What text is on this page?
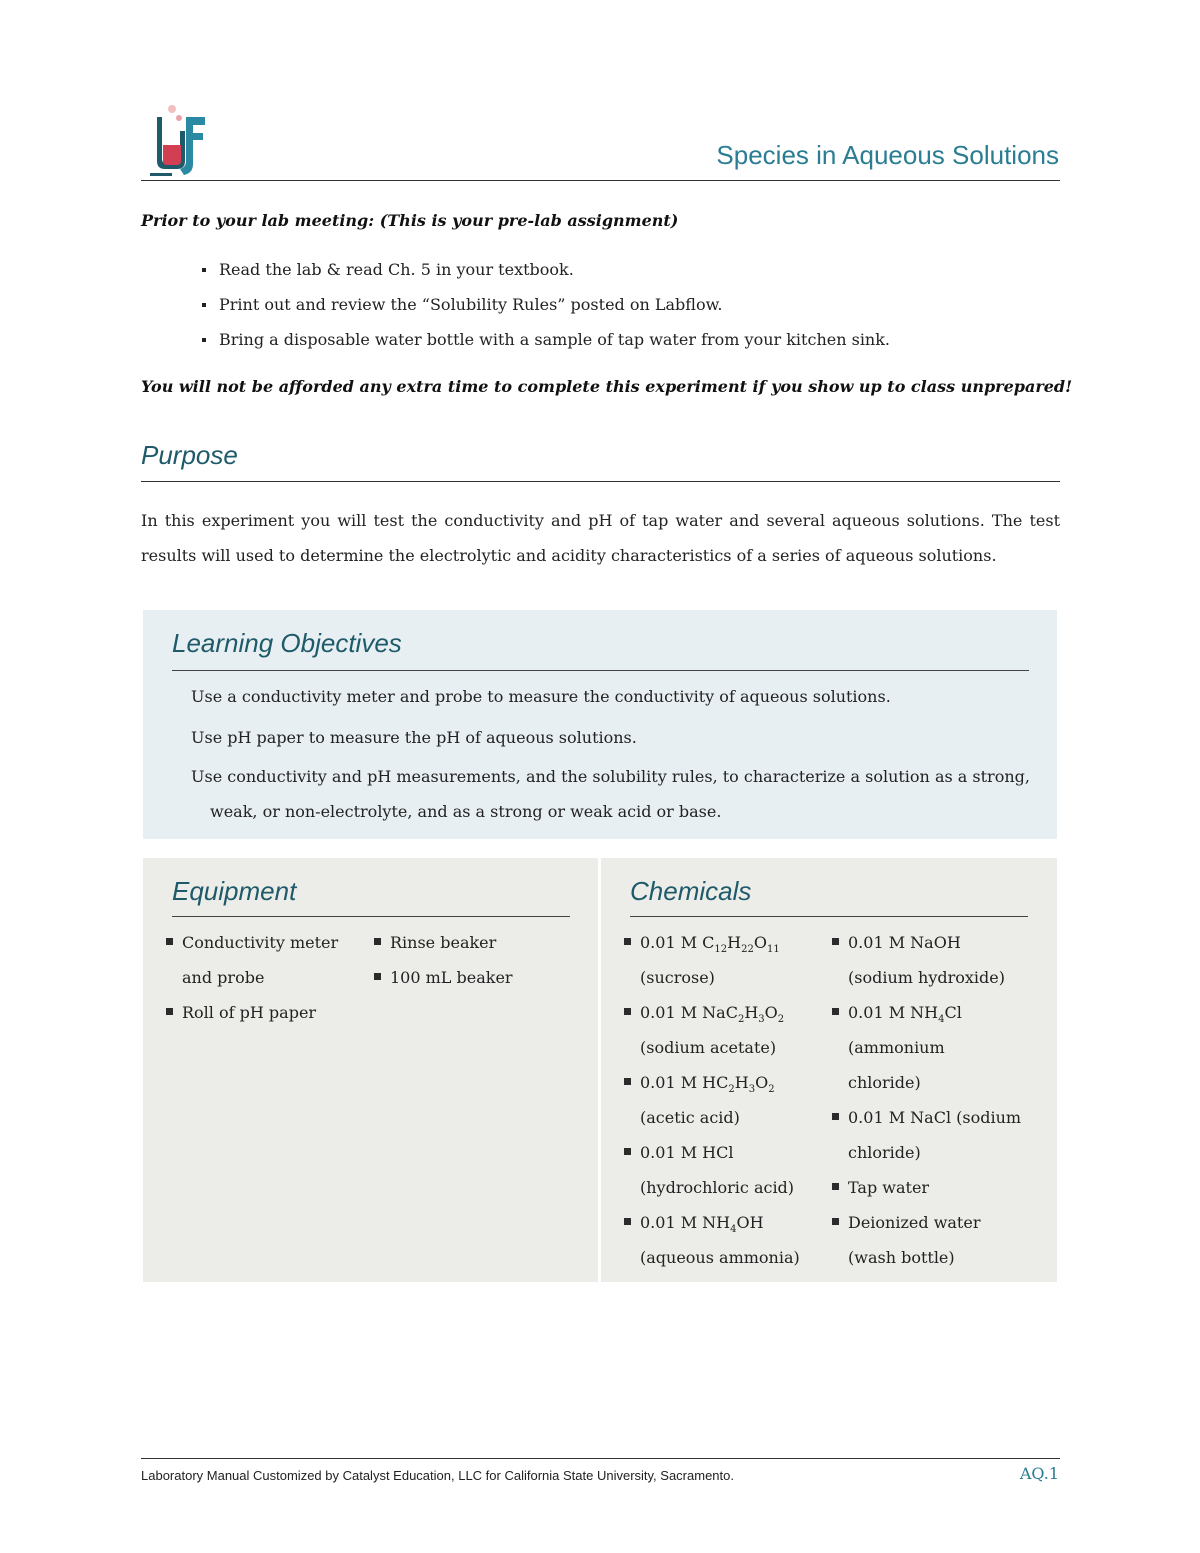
Species in Aqueous Solutions
Prior to your lab meeting: (This is your pre-lab assignment)
Read the lab & read Ch. 5 in your textbook.
Print out and review the “Solubility Rules” posted on Labflow.
Bring a disposable water bottle with a sample of tap water from your kitchen sink.
You will not be afforded any extra time to complete this experiment if you show up to class unprepared!
Purpose

In this experiment you will test the conductivity and pH of tap water and several aqueous solutions. The test results will used to determine the electrolytic and acidity characteristics of a series of aqueous solutions.

Learning Objectives
Use a conductivity meter and probe to measure the conductivity of aqueous solutions.
Use pH paper to measure the pH of aqueous solutions.
Use conductivity and pH measurements, and the solubility rules, to characterize a solution as a strong,
weak, or non-electrolyte, and as a strong or weak acid or base.
Equipment
Conductivity meter
and probe
Roll of pH paper
Rinse beaker
100 mL beaker
Chemicals
0.01 M $C_{12}H_{22}O_{11}$
(sucrose)
0.01 M $NaC_2H_3O_2$
(sodium acetate)
0.01 M $HC_2H_3O_2$
(acetic acid)
0.01 M HCl
(hydrochloric acid)
0.01 M $NH_4OH$
(aqueous ammonia)
0.01 M NaOH
(sodium hydroxide)
0.01 M $NH_4Cl$
(ammonium
chloride)
0.01 M NaCl (sodium
chloride)
Tap water
Deionized water
(wash bottle)
Laboratory Manual Customized by Catalyst Education, LLC for California State University, Sacramento.	AQ.1
